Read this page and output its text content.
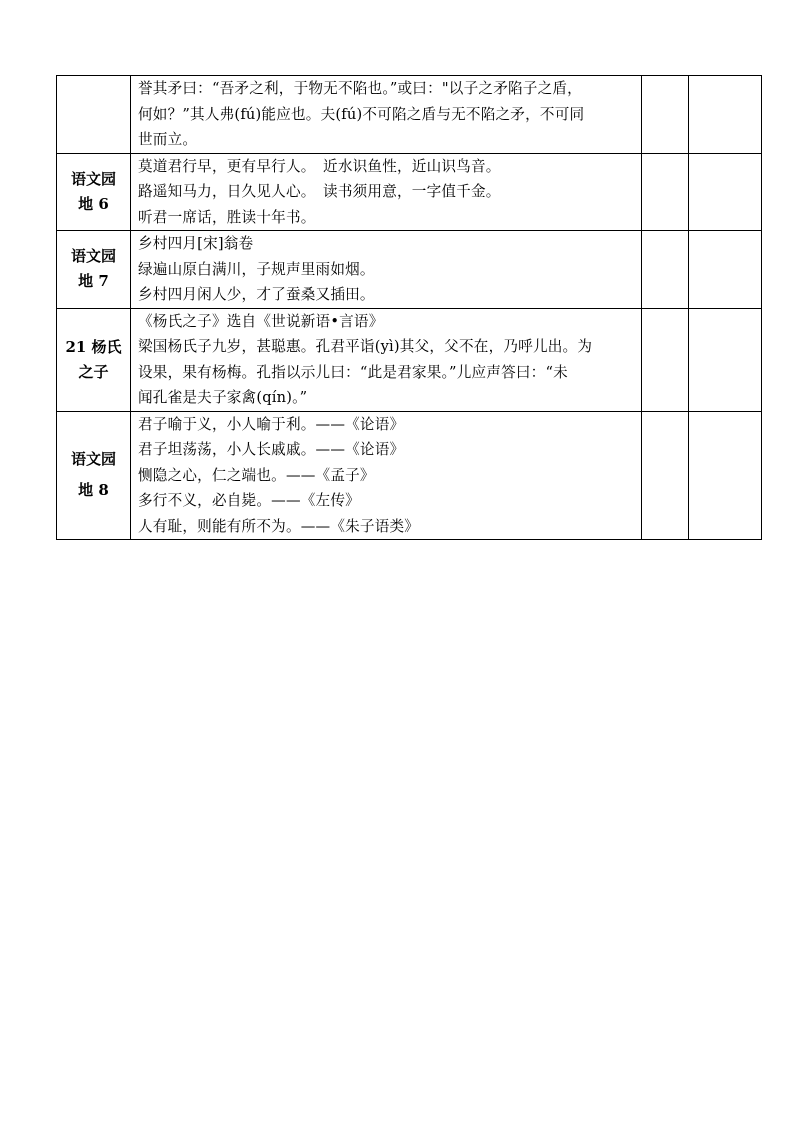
	誉其矛曰：“吾矛之利，于物无不陷也。”或曰："以子之矛陷子之盾，
何如？”其人弗(fú)能应也。夫(fú)不可陷之盾与无不陷之矛，不可同
世而立。		

语文园
地 6	莫道君行早，更有早行人。　近水识鱼性，近山识鸟音。
路遥知马力，日久见人心。　读书须用意，一字值千金。
听君一席话，胜读十年书。		

语文园
地 7	乡村四月[宋]翁卷
绿遍山原白满川，子规声里雨如烟。
乡村四月闲人少，才了蚕桑又插田。		

21 杨氏
之子	《杨氏之子》选自《世说新语•言语》
梁国杨氏子九岁，甚聪惠。孔君平诣(yì)其父，父不在，乃呼儿出。为
设果，果有杨梅。孔指以示儿曰：“此是君家果。”儿应声答曰：“未
闻孔雀是夫子家禽(qín)。”		

语文园
地 8	君子喻于义，小人喻于利。——《论语》
君子坦荡荡，小人长戚戚。——《论语》
恻隐之心，仁之端也。——《孟子》
多行不义，必自毙。——《左传》
人有耻，则能有所不为。——《朱子语类》		
